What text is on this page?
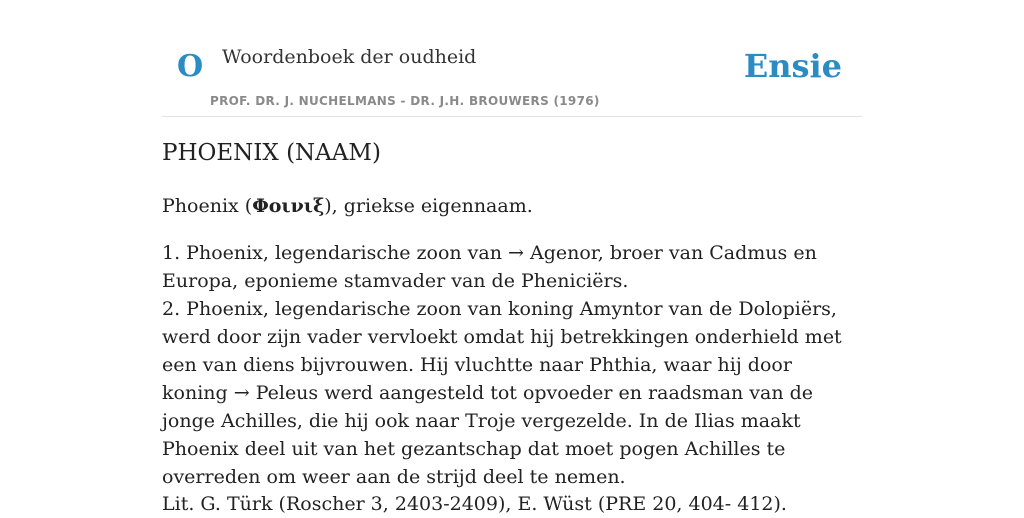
O Woordenboek der oudheid
PROF. DR. J. NUCHELMANS - DR. J.H. BROUWERS (1976)
Ensie
PHOENIX (NAAM)

Phoenix (Φοινιξ), griekse eigennaam.

1. Phoenix, legendarische zoon van → Agenor, broer van Cadmus en Europa, eponieme stamvader van de Pheniciërs.
2. Phoenix, legendarische zoon van koning Amyntor van de Dolopiërs, werd door zijn vader vervloekt omdat hij betrekkingen onderhield met een van diens bijvrouwen. Hij vluchtte naar Phthia, waar hij door koning → Peleus werd aangesteld tot opvoeder en raadsman van de jonge Achilles, die hij ook naar Troje vergezelde. In de Ilias maakt Phoenix deel uit van het gezantschap dat moet pogen Achilles te overreden om weer aan de strijd deel te nemen.

Lit. G. Türk (Roscher 3, 2403-2409), E. Wüst (PRE 20, 404- 412).
